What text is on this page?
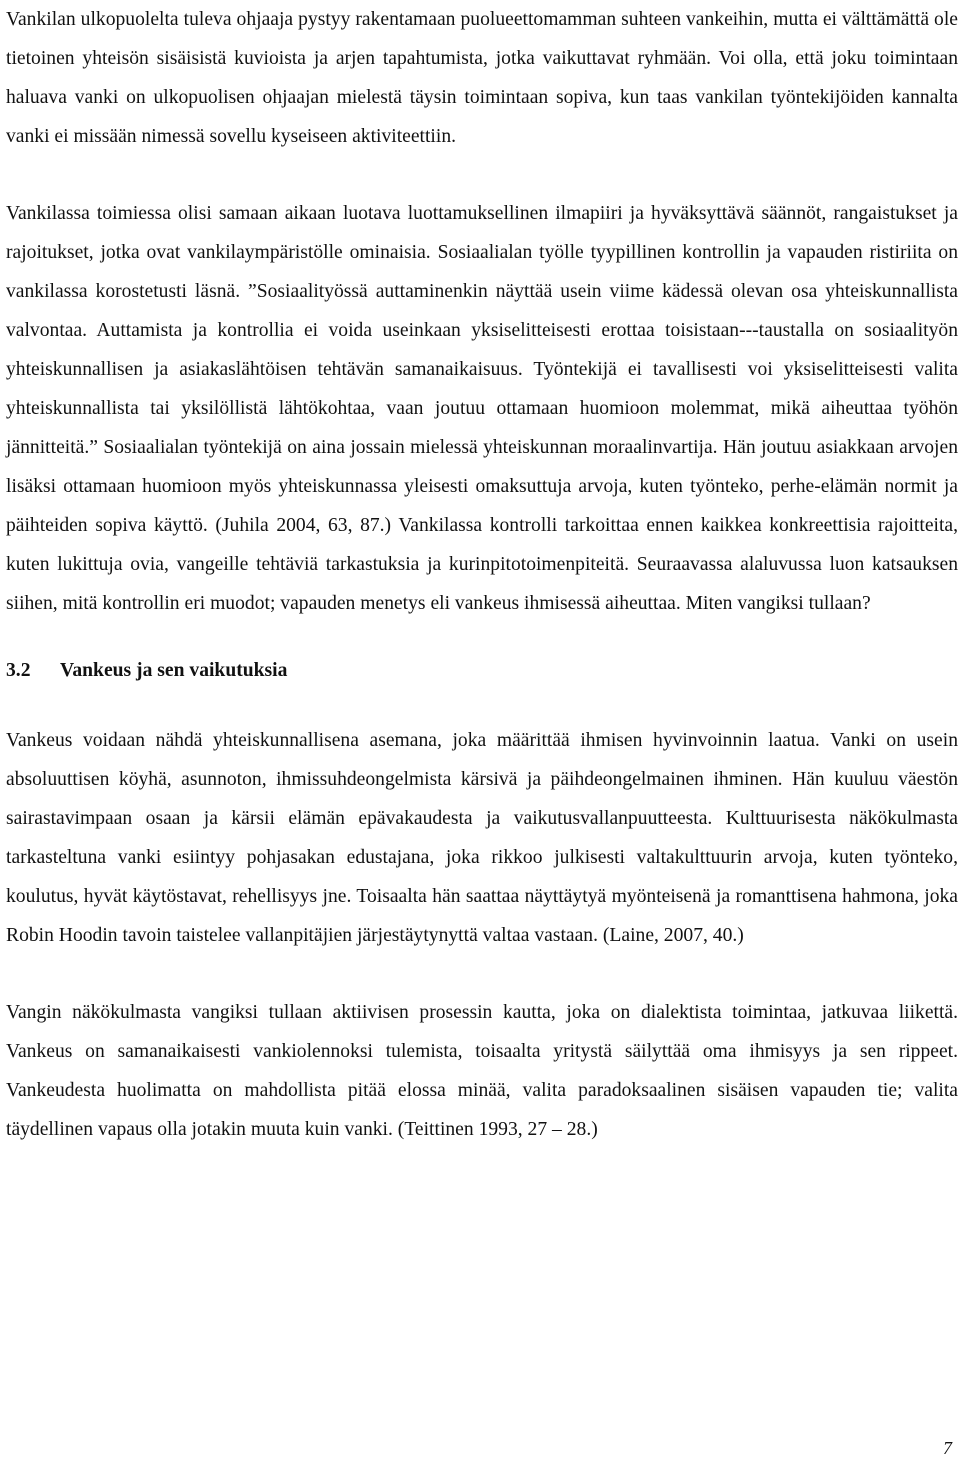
Vankilan ulkopuolelta tuleva ohjaaja pystyy rakentamaan puolueettomamman suhteen vankeihin, mutta ei välttämättä ole tietoinen yhteisön sisäisistä kuvioista ja arjen tapahtumista, jotka vaikuttavat ryhmään. Voi olla, että joku toimintaan haluava vanki on ulkopuolisen ohjaajan mielestä täysin toimintaan sopiva, kun taas vankilan työntekijöiden kannalta vanki ei missään nimessä sovellu kyseiseen aktiviteettiin.

Vankilassa toimiessa olisi samaan aikaan luotava luottamuksellinen ilmapiiri ja hyväksyttävä säännöt, rangaistukset ja rajoitukset, jotka ovat vankilaympäristölle ominaisia. Sosiaalialan työlle tyypillinen kontrollin ja vapauden ristiriita on vankilassa korostetusti läsnä. ”Sosiaalityössä auttaminenkin näyttää usein viime kädessä olevan osa yhteiskunnallista valvontaa. Auttamista ja kontrollia ei voida useinkaan yksiselitteisesti erottaa toisistaan---taustalla on sosiaalityön yhteiskunnallisen ja asiakaslähtöisen tehtävän samanaikaisuus. Työntekijä ei tavallisesti voi yksiselitteisesti valita yhteiskunnallista tai yksilöllistä lähtökohtaa, vaan joutuu ottamaan huomioon molemmat, mikä aiheuttaa työhön jännitteitä.” Sosiaalialan työntekijä on aina jossain mielessä yhteiskunnan moraalinvartija. Hän joutuu asiakkaan arvojen lisäksi ottamaan huomioon myös yhteiskunnassa yleisesti omaksuttuja arvoja, kuten työnteko, perhe-elämän normit ja päihteiden sopiva käyttö. (Juhila 2004, 63, 87.) Vankilassa kontrolli tarkoittaa ennen kaikkea konkreettisia rajoitteita, kuten lukittuja ovia, vangeille tehtäviä tarkastuksia ja kurinpitotoimenpiteitä. Seuraavassa alaluvussa luon katsauksen siihen, mitä kontrollin eri muodot; vapauden menetys eli vankeus ihmisessä aiheuttaa. Miten vangiksi tullaan?

3.2	Vankeus ja sen vaikutuksia

Vankeus voidaan nähdä yhteiskunnallisena asemana, joka määrittää ihmisen hyvinvoinnin laatua. Vanki on usein absoluuttisen köyhä, asunnoton, ihmissuhdeongelmista kärsivä ja päihdeongelmainen ihminen. Hän kuuluu väestön sairastavimpaan osaan ja kärsii elämän epävakaudesta ja vaikutusvallanpuutteesta. Kulttuurisesta näkökulmasta tarkasteltuna vanki esiintyy pohjasakan edustajana, joka rikkoo julkisesti valtakulttuurin arvoja, kuten työnteko, koulutus, hyvät käytöstavat, rehellisyys jne. Toisaalta hän saattaa näyttäytyä myönteisenä ja romanttisena hahmona, joka Robin Hoodin tavoin taistelee vallanpitäjien järjestäytynyttä valtaa vastaan. (Laine, 2007, 40.)

Vangin näkökulmasta vangiksi tullaan aktiivisen prosessin kautta, joka on dialektista toimintaa, jatkuvaa liikettä. Vankeus on samanaikaisesti vankiolennoksi tulemista, toisaalta yritystä säilyttää oma ihmisyys ja sen rippeet. Vankeudesta huolimatta on mahdollista pitää elossa minää, valita paradoksaalinen sisäisen vapauden tie; valita täydellinen vapaus olla jotakin muuta kuin vanki. (Teittinen 1993, 27 – 28.)

7
